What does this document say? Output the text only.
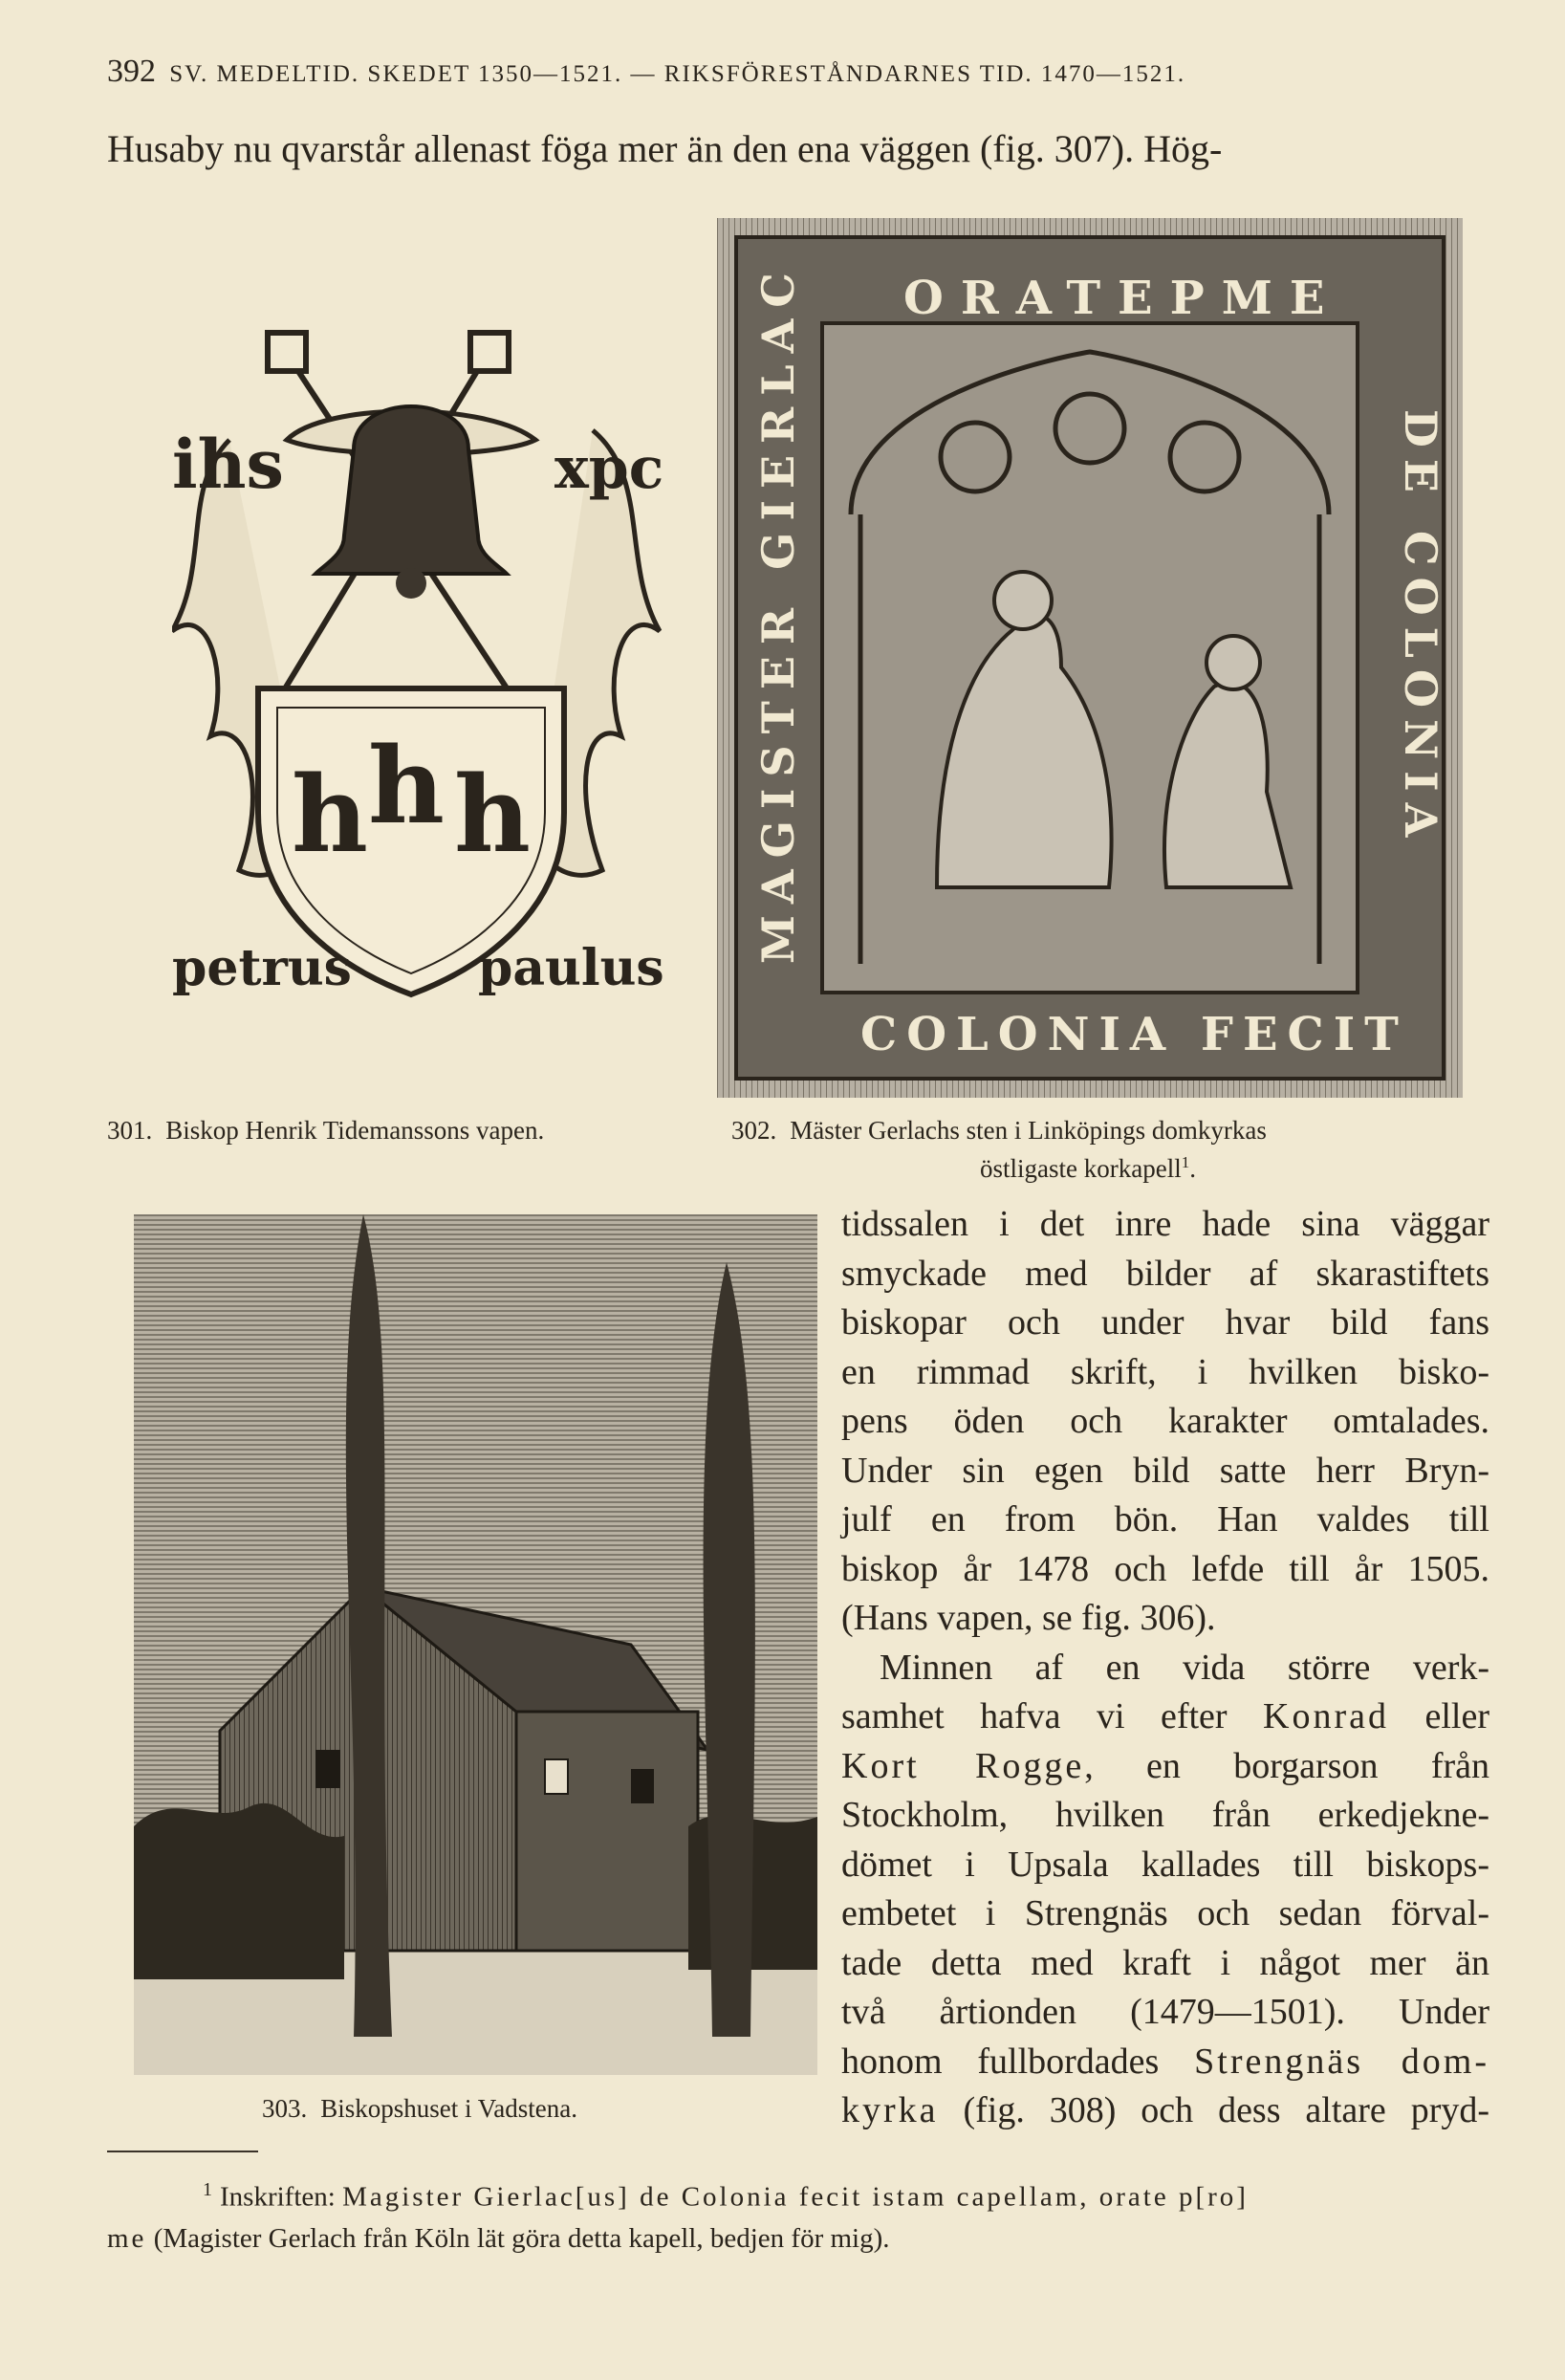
392 SV. MEDELTID. SKEDET 1350—1521. — RIKSFÖRESTÅNDARNES TID. 1470—1521.
Husaby nu qvarstår allenast föga mer än den ena väggen (fig. 307). Hög-
h h h
ihs	xpc
petrus	paulus
ORATEPME
COLONIA FECIT
MAGISTER GIERLAC	DE COLONIA
301. Biskop Henrik Tidemanssons vapen.	302. Mäster Gerlachs sten i Linköpings domkyrkas
östligaste korkapell$^1$.
303. Biskopshuset i Vadstena.
tidssalen i det inre hade sina väggar
smyckade med bilder af skarastiftets
biskopar och under hvar bild fans
en rimmad skrift, i hvilken bisko-
pens öden och karakter omtalades.
Under sin egen bild satte herr Bryn-
julf en from bön. Han valdes till
biskop år 1478 och lefde till år 1505.
(Hans vapen, se fig. 306).
Minnen af en vida större verk-
samhet hafva vi efter Konrad eller
Kort Rogge, en borgarson från
Stockholm, hvilken från erkedjekne-
dömet i Upsala kallades till biskops-
embetet i Strengnäs och sedan förval-
tade detta med kraft i något mer än
två årtionden (1479—1501). Under
honom fullbordades Strengnäs dom-
kyrka (fig. 308) och dess altare pryd-
$^1$ Inskriften: Magister Gierlac[us] de Colonia fecit istam capellam, orate p[ro]
me (Magister Gerlach från Köln lät göra detta kapell, bedjen för mig).
